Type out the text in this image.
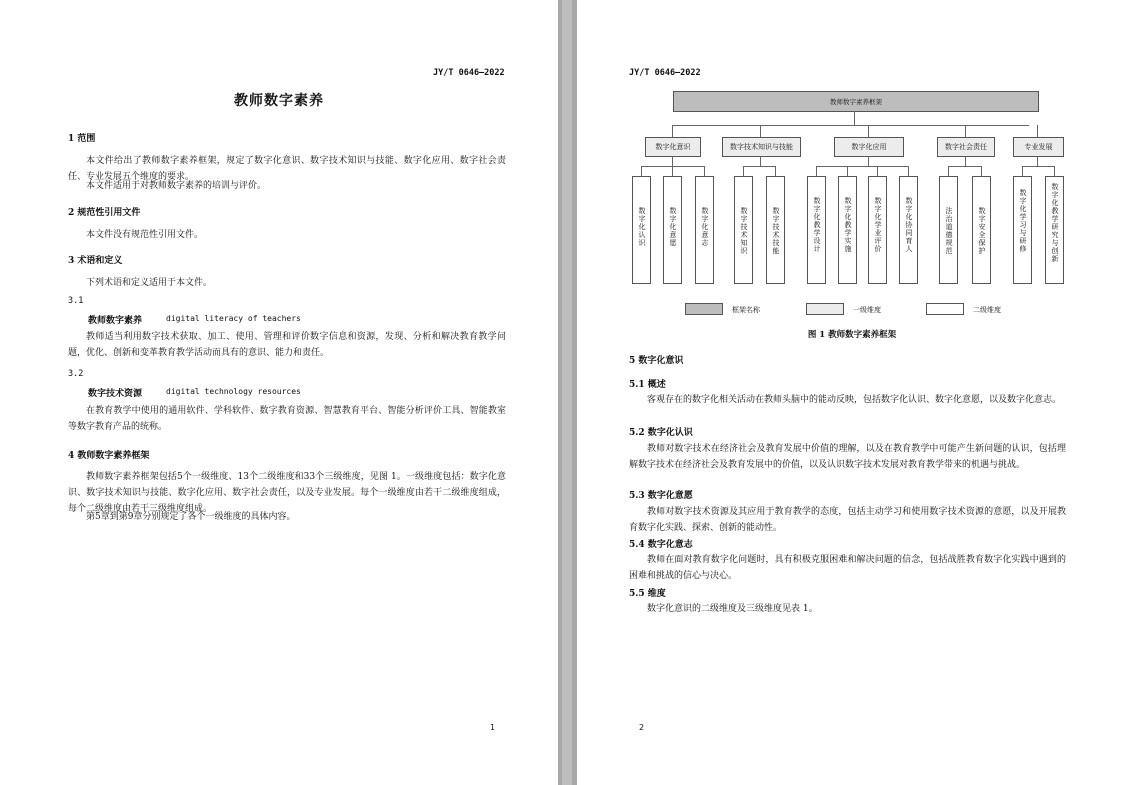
JY/T 0646—2022
教师数字素养
1 范围
本文件给出了教师数字素养框架，规定了数字化意识、数字技术知识与技能、数字化应用、数字社会责任、专业发展五个维度的要求。
本文件适用于对教师数字素养的培训与评价。
2 规范性引用文件
本文件没有规范性引用文件。
3 术语和定义
下列术语和定义适用于本文件。
3.1
教师数字素养	digital literacy of teachers
教师适当利用数字技术获取、加工、使用、管理和评价数字信息和资源，发现、分析和解决教育教学问题，优化、创新和变革教育教学活动而具有的意识、能力和责任。
3.2
数字技术资源	digital technology resources
在教育教学中使用的通用软件、学科软件、数字教育资源、智慧教育平台、智能分析评价工具、智能教室等数字教育产品的统称。
4 教师数字素养框架
教师数字素养框架包括5个一级维度、13个二级维度和33个三级维度，见图 1。一级维度包括：数字化意识、数字技术知识与技能、数字化应用、数字社会责任，以及专业发展。每个一级维度由若干二级维度组成，每个二级维度由若干三级维度组成。
第5章到第9章分别规定了各个一级维度的具体内容。
1
JY/T 0646—2022
教师数字素养框架
数字化意识	数字技术知识与技能	数字化应用	数字社会责任	专业发展
数字化认识	数字化意愿	数字化意志	数字技术知识	数字技术技能	数字化教学设计	数字化教学实施	数字化学业评价	数字化协同育人	法治道德规范	数字安全保护	数字化学习与研修	数字化教学研究与创新
框架名称	一级维度	二级维度
图 1 教师数字素养框架
5 数字化意识
5.1 概述
客观存在的数字化相关活动在教师头脑中的能动反映，包括数字化认识、数字化意愿，以及数字化意志。
5.2 数字化认识
教师对数字技术在经济社会及教育发展中价值的理解，以及在教育教学中可能产生新问题的认识，包括理解数字技术在经济社会及教育发展中的价值，以及认识数字技术发展对教育教学带来的机遇与挑战。
5.3 数字化意愿
教师对数字技术资源及其应用于教育教学的态度，包括主动学习和使用数字技术资源的意愿，以及开展教育数字化实践、探索、创新的能动性。
5.4 数字化意志
教师在面对教育数字化问题时，具有积极克服困难和解决问题的信念，包括战胜教育数字化实践中遇到的困难和挑战的信心与决心。
5.5 维度
数字化意识的二级维度及三级维度见表 1。
2
